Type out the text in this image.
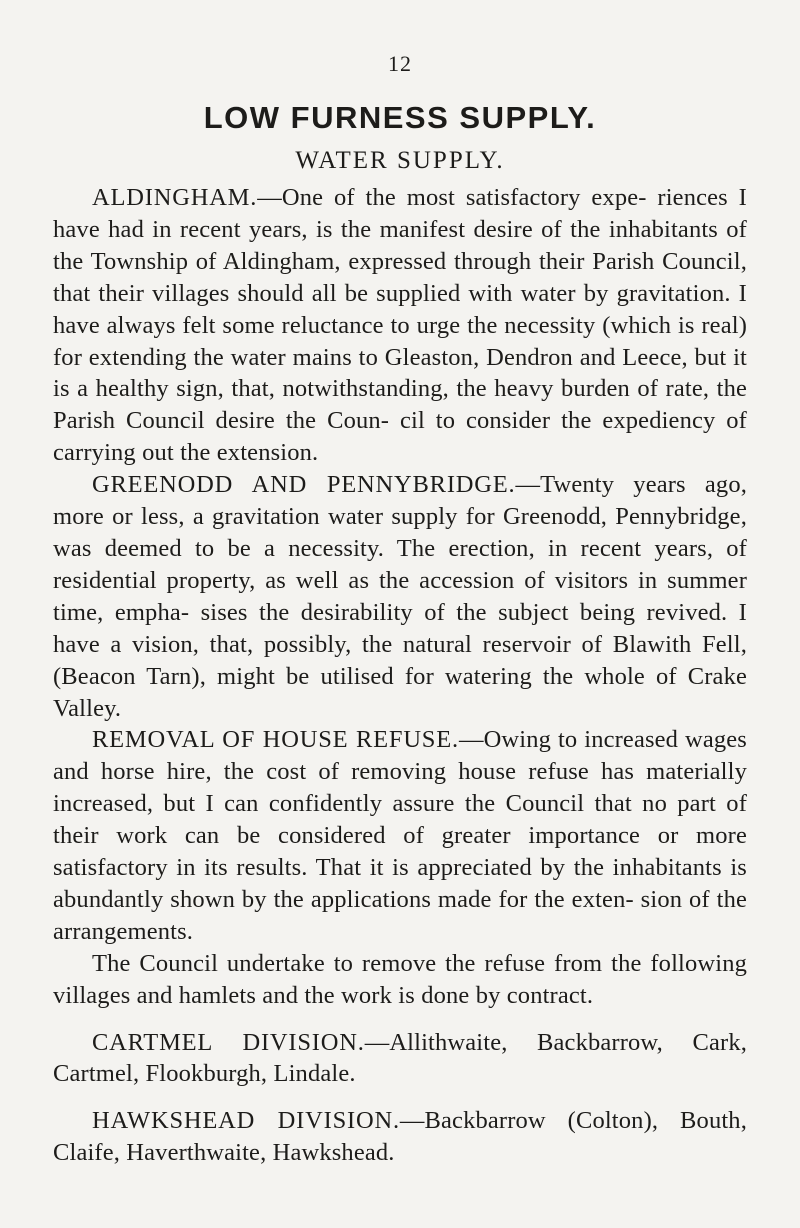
12
LOW FURNESS SUPPLY.
WATER SUPPLY.

ALDINGHAM.—One of the most satisfactory expe- riences I have had in recent years, is the manifest desire of the inhabitants of the Township of Aldingham, expressed through their Parish Council, that their villages should all be supplied with water by gravitation. I have always felt some reluctance to urge the necessity (which is real) for extending the water mains to Gleaston, Dendron and Leece, but it is a healthy sign, that, notwithstanding, the heavy burden of rate, the Parish Council desire the Coun- cil to consider the expediency of carrying out the extension.

GREENODD AND PENNYBRIDGE.—Twenty years ago, more or less, a gravitation water supply for Greenodd, Pennybridge, was deemed to be a necessity. The erection, in recent years, of residential property, as well as the accession of visitors in summer time, empha- sises the desirability of the subject being revived. I have a vision, that, possibly, the natural reservoir of Blawith Fell, (Beacon Tarn), might be utilised for watering the whole of Crake Valley.

REMOVAL OF HOUSE REFUSE.—Owing to increased wages and horse hire, the cost of removing house refuse has materially increased, but I can confidently assure the Council that no part of their work can be considered of greater importance or more satisfactory in its results. That it is appreciated by the inhabitants is abundantly shown by the applications made for the exten- sion of the arrangements.

The Council undertake to remove the refuse from the following villages and hamlets and the work is done by contract.

CARTMEL DIVISION.—Allithwaite, Backbarrow, Cark, Cartmel, Flookburgh, Lindale.

HAWKSHEAD DIVISION.—Backbarrow (Colton), Bouth, Claife, Haverthwaite, Hawkshead.
